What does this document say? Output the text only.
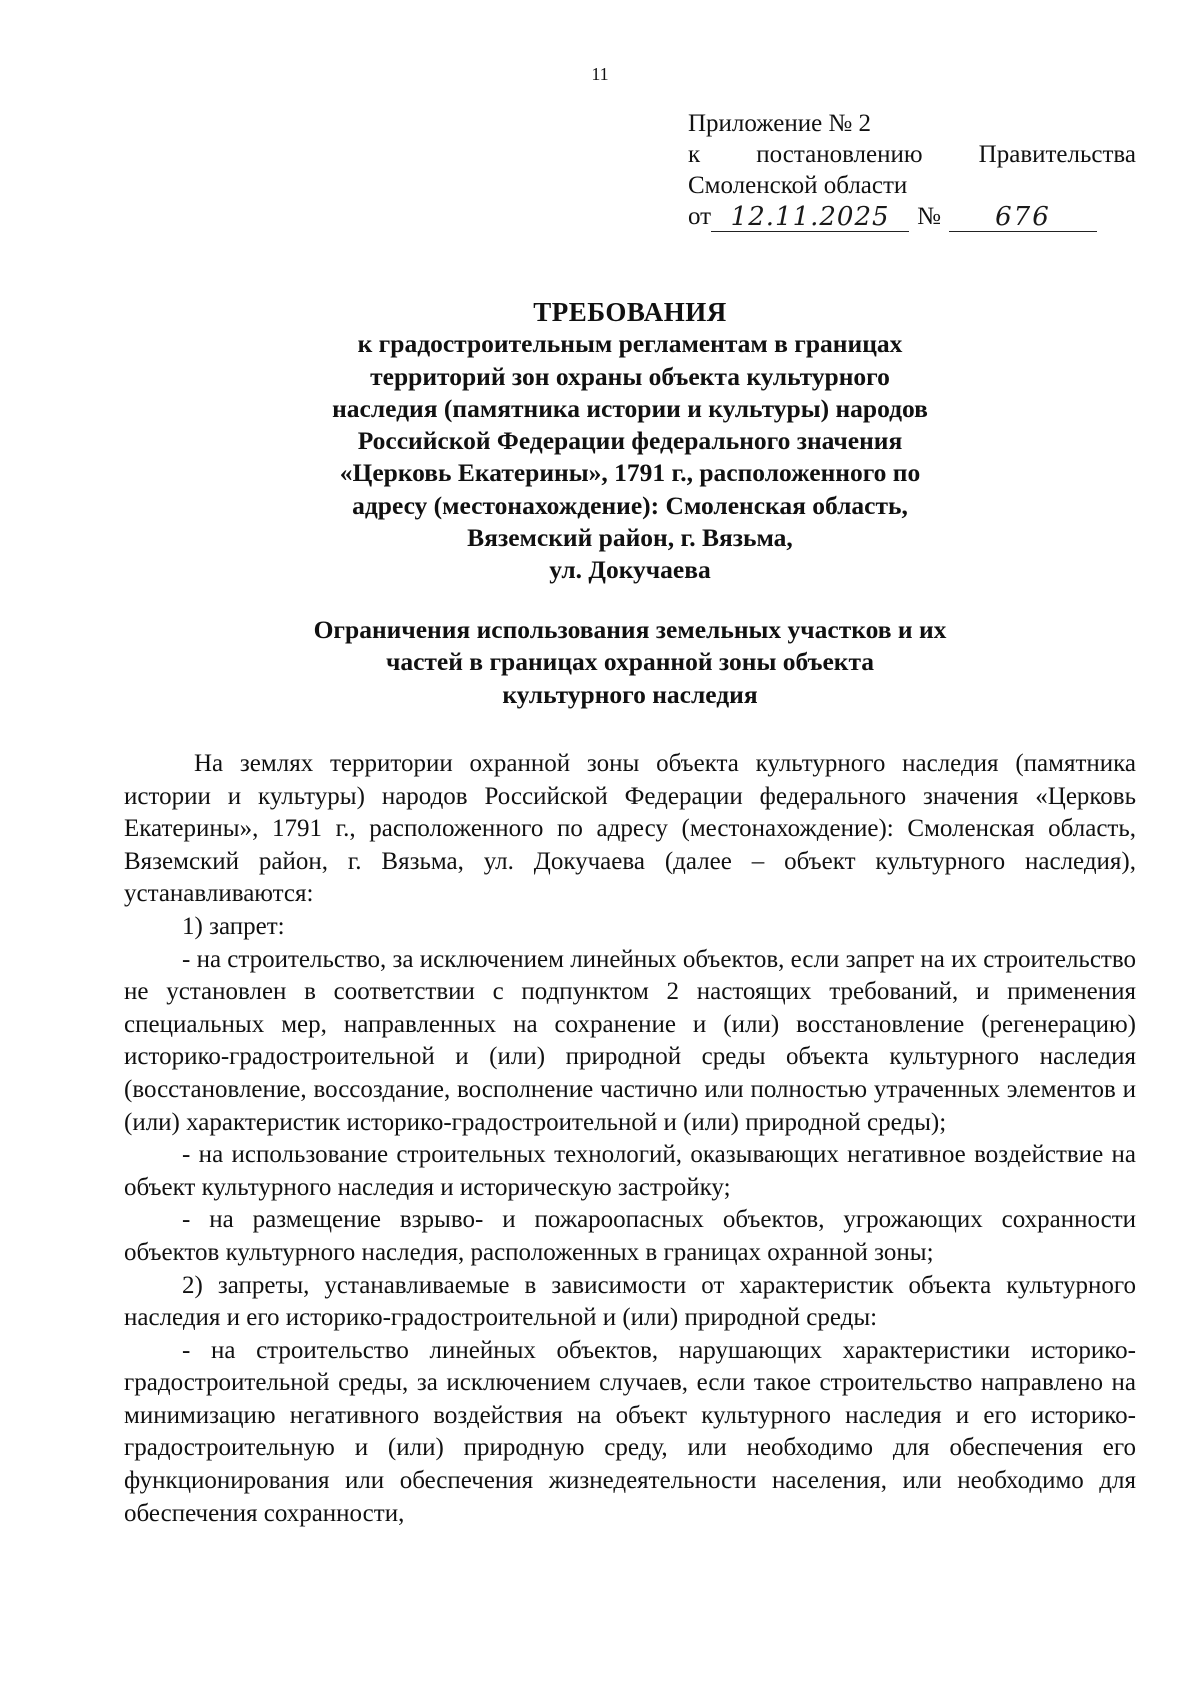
11
Приложение № 2
к постановлению Правительства
Смоленской области
от 12.11.2025	№	676
ТРЕБОВАНИЯ
к градостроительным регламентам в границах
территорий зон охраны объекта культурного
наследия (памятника истории и культуры) народов
Российской Федерации федерального значения
«Церковь Екатерины», 1791 г., расположенного по
адресу (местонахождение): Смоленская область,
Вяземский район, г. Вязьма,
ул. Докучаева
Ограничения использования земельных участков и их
частей в границах охранной зоны объекта
культурного наследия

На землях территории охранной зоны объекта культурного наследия (памятника истории и культуры) народов Российской Федерации федерального значения «Церковь Екатерины», 1791 г., расположенного по адресу (местонахождение): Смоленская область, Вяземский район, г. Вязьма, ул. Докучаева (далее – объект культурного наследия), устанавливаются:

1) запрет:

- на строительство, за исключением линейных объектов, если запрет на их строительство не установлен в соответствии с подпунктом 2 настоящих требований, и применения специальных мер, направленных на сохранение и (или) восстановление (регенерацию) историко-градостроительной и (или) природной среды объекта культурного наследия (восстановление, воссоздание, восполнение частично или полностью утраченных элементов и (или) характеристик историко-градостроительной и (или) природной среды);

- на использование строительных технологий, оказывающих негативное воздействие на объект культурного наследия и историческую застройку;

- на размещение взрыво- и пожароопасных объектов, угрожающих сохранности объектов культурного наследия, расположенных в границах охранной зоны;

2) запреты, устанавливаемые в зависимости от характеристик объекта культурного наследия и его историко-градостроительной и (или) природной среды:

- на строительство линейных объектов, нарушающих характеристики историко-градостроительной среды, за исключением случаев, если такое строительство направлено на минимизацию негативного воздействия на объект культурного наследия и его историко-градостроительную и (или) природную среду, или необходимо для обеспечения его функционирования или обеспечения жизнедеятельности населения, или необходимо для обеспечения сохранности,
